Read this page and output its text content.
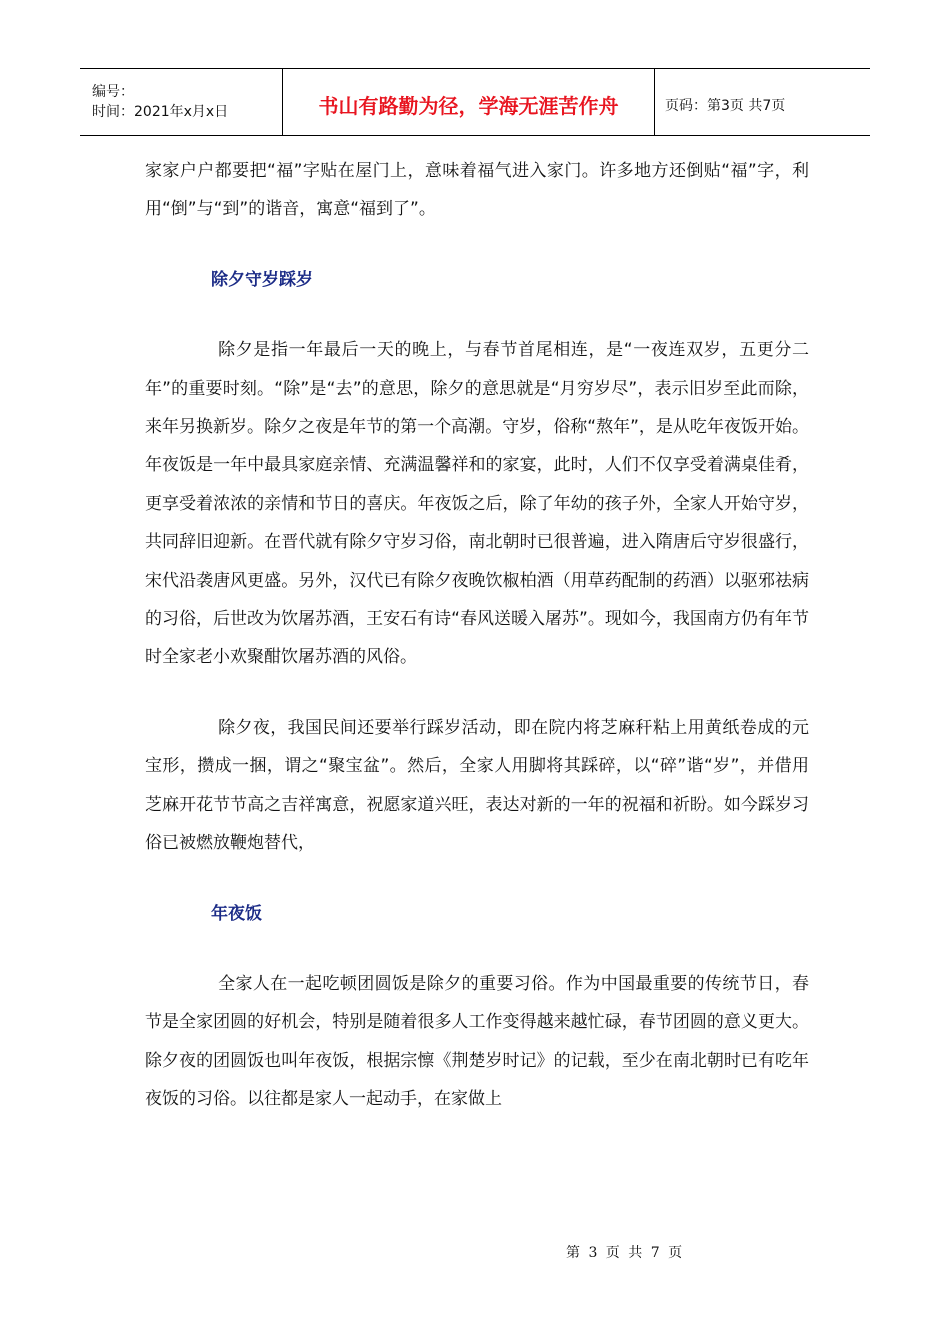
编号：
时间：2021年x月x日	书山有路勤为径，学海无涯苦作舟	页码：第3页 共7页

家家户户都要把“福”字贴在屋门上，意味着福气进入家门。许多地方还倒贴“福”字，利用“倒”与“到”的谐音，寓意“福到了”。

除夕守岁踩岁

除夕是指一年最后一天的晚上，与春节首尾相连，是“一夜连双岁，五更分二年”的重要时刻。“除”是“去”的意思，除夕的意思就是“月穷岁尽”，表示旧岁至此而除，来年另换新岁。除夕之夜是年节的第一个高潮。守岁，俗称“熬年”，是从吃年夜饭开始。年夜饭是一年中最具家庭亲情、充满温馨祥和的家宴，此时，人们不仅享受着满桌佳肴，更享受着浓浓的亲情和节日的喜庆。年夜饭之后，除了年幼的孩子外，全家人开始守岁，共同辞旧迎新。在晋代就有除夕守岁习俗，南北朝时已很普遍，进入隋唐后守岁很盛行，宋代沿袭唐风更盛。另外，汉代已有除夕夜晚饮椒柏酒（用草药配制的药酒）以驱邪祛病的习俗，后世改为饮屠苏酒，王安石有诗“春风送暖入屠苏”。现如今，我国南方仍有年节时全家老小欢聚酣饮屠苏酒的风俗。

除夕夜，我国民间还要举行踩岁活动，即在院内将芝麻秆粘上用黄纸卷成的元宝形，攒成一捆，谓之“聚宝盆”。然后，全家人用脚将其踩碎，以“碎”谐“岁”，并借用芝麻开花节节高之吉祥寓意，祝愿家道兴旺，表达对新的一年的祝福和祈盼。如今踩岁习俗已被燃放鞭炮替代，

年夜饭

全家人在一起吃顿团圆饭是除夕的重要习俗。作为中国最重要的传统节日，春节是全家团圆的好机会，特别是随着很多人工作变得越来越忙碌，春节团圆的意义更大。除夕夜的团圆饭也叫年夜饭，根据宗懔《荆楚岁时记》的记载，至少在南北朝时已有吃年夜饭的习俗。以往都是家人一起动手，在家做上

第 3 页 共 7 页
